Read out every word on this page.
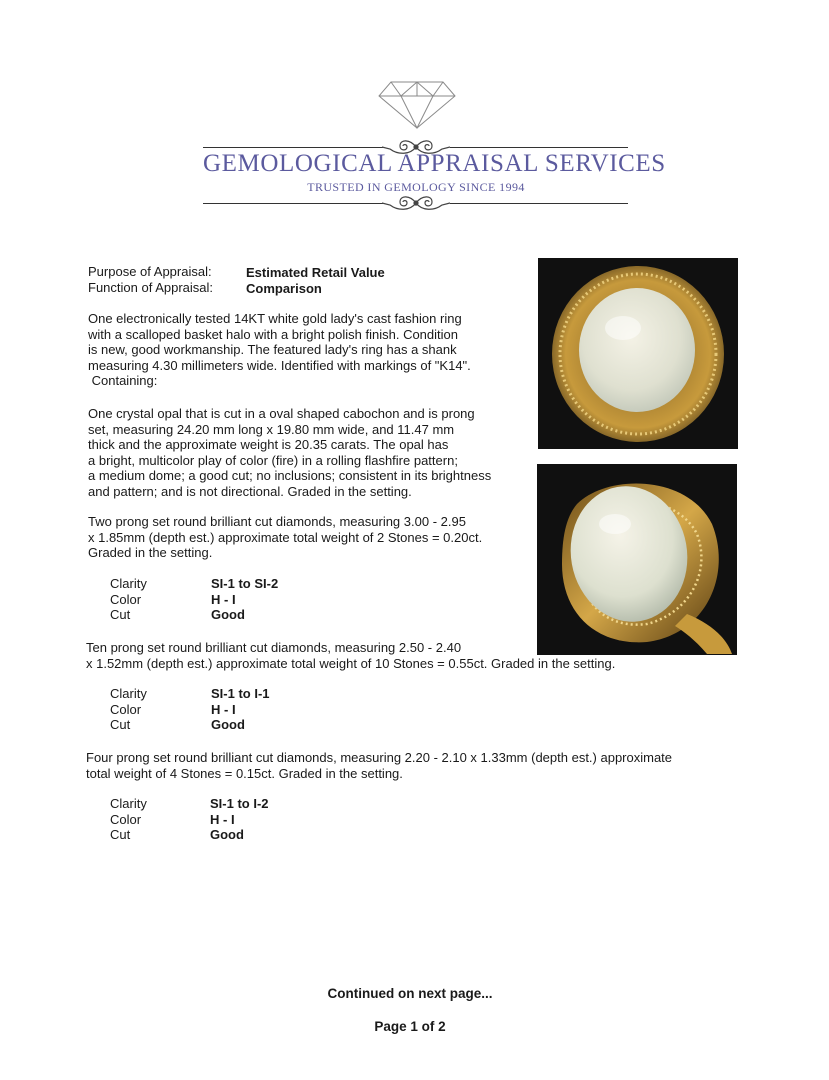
GEMOLOGICAL APPRAISAL SERVICES
TRUSTED IN GEMOLOGY SINCE 1994
Purpose of Appraisal:	Estimated Retail Value
Function of Appraisal:	Comparison
One electronically tested 14KT white gold lady's cast fashion ring
with a scalloped basket halo with a bright polish finish. Condition
is new, good workmanship. The featured lady's ring has a shank
measuring 4.30 millimeters wide. Identified with markings of "K14".
Containing:
One crystal opal that is cut in a oval shaped cabochon and is prong
set, measuring 24.20 mm long x 19.80 mm wide, and 11.47 mm
thick and the approximate weight is 20.35 carats. The opal has
a bright, multicolor play of color (fire) in a rolling flashfire pattern;
a medium dome; a good cut; no inclusions; consistent in its brightness
and pattern; and is not directional. Graded in the setting.
Two prong set round brilliant cut diamonds, measuring 3.00 - 2.95
x 1.85mm (depth est.) approximate total weight of 2 Stones = 0.20ct.
Graded in the setting.
Clarity	SI-1 to SI-2
Color	H - I
Cut	Good
Ten prong set round brilliant cut diamonds, measuring 2.50 - 2.40
x 1.52mm (depth est.) approximate total weight of 10 Stones = 0.55ct. Graded in the setting.
Clarity	SI-1 to I-1
Color	H - I
Cut	Good
Four prong set round brilliant cut diamonds, measuring 2.20 - 2.10 x 1.33mm (depth est.) approximate
total weight of 4 Stones = 0.15ct. Graded in the setting.
Clarity	SI-1 to I-2
Color	H - I
Cut	Good
Continued on next page...
Page 1 of 2
